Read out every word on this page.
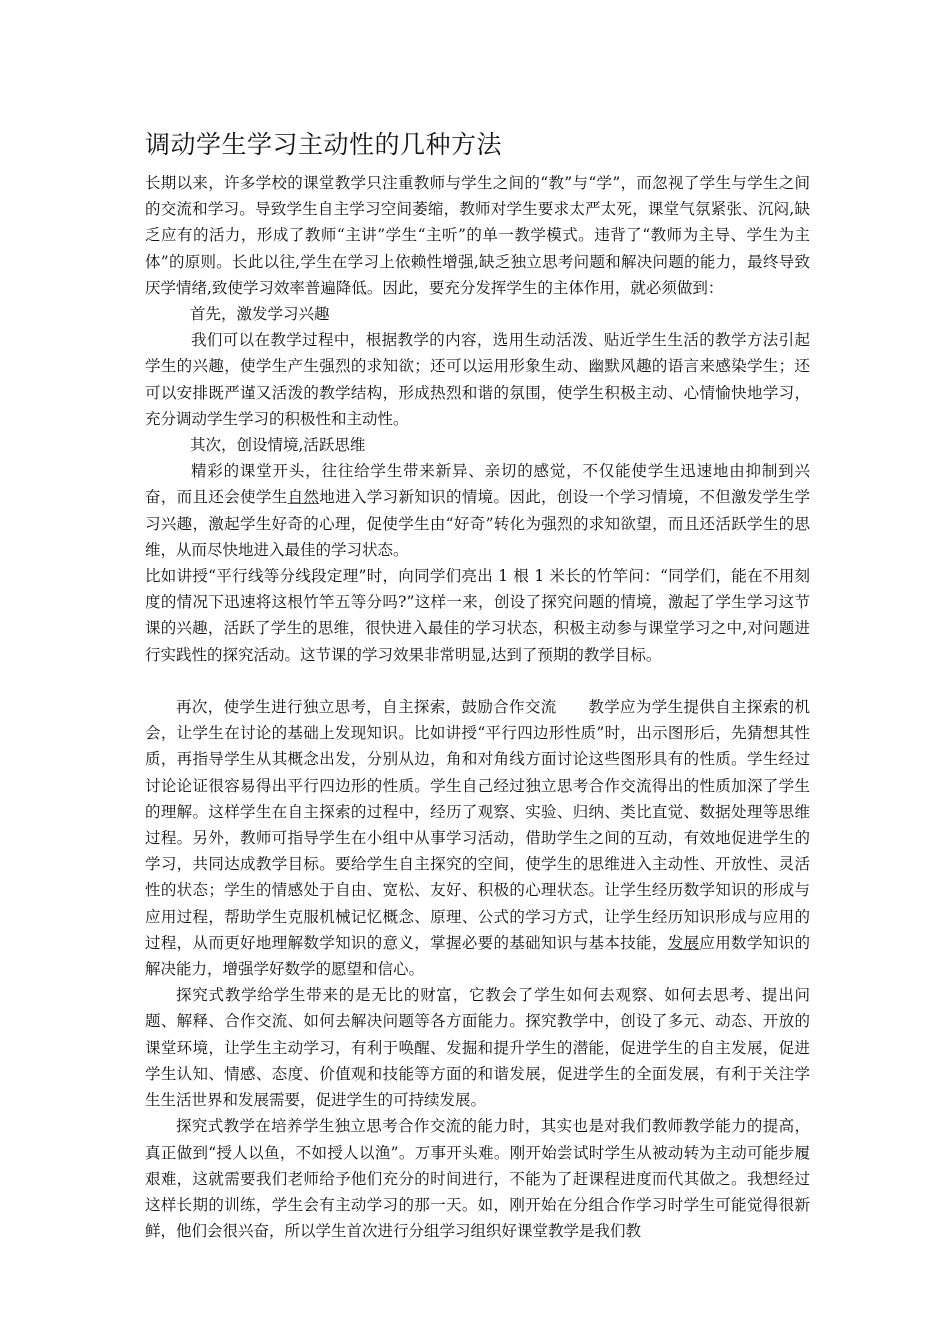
调动学生学习主动性的几种方法

长期以来，许多学校的课堂教学只注重教师与学生之间的“教”与“学”，而忽视了学生与学生之间的交流和学习。导致学生自主学习空间萎缩，教师对学生要求太严太死，课堂气氛紧张、沉闷,缺乏应有的活力，形成了教师“主讲”学生“主听”的单一教学模式。违背了“教师为主导、学生为主体”的原则。长此以往,学生在学习上依赖性增强,缺乏独立思考问题和解决问题的能力，最终导致厌学情绪,致使学习效率普遍降低。因此，要充分发挥学生的主体作用，就必须做到：

首先，激发学习兴趣

我们可以在教学过程中，根据教学的内容，选用生动活泼、贴近学生生活的教学方法引起学生的兴趣，使学生产生强烈的求知欲；还可以运用形象生动、幽默风趣的语言来感染学生；还可以安排既严谨又活泼的教学结构，形成热烈和谐的氛围，使学生积极主动、心情愉快地学习，充分调动学生学习的积极性和主动性。

其次，创设情境,活跃思维

精彩的课堂开头，往往给学生带来新异、亲切的感觉，不仅能使学生迅速地由抑制到兴奋，而且还会使学生自然地进入学习新知识的情境。因此，创设一个学习情境，不但激发学生学习兴趣，激起学生好奇的心理，促使学生由“好奇”转化为强烈的求知欲望，而且还活跃学生的思维，从而尽快地进入最佳的学习状态。

比如讲授“平行线等分线段定理”时，向同学们亮出 1 根 1 米长的竹竿问：“同学们，能在不用刻度的情况下迅速将这根竹竿五等分吗?”这样一来，创设了探究问题的情境，激起了学生学习这节课的兴趣，活跃了学生的思维，很快进入最佳的学习状态，积极主动参与课堂学习之中,对问题进行实践性的探究活动。这节课的学习效果非常明显,达到了预期的教学目标。

再次，使学生进行独立思考，自主探索，鼓励合作交流　　教学应为学生提供自主探索的机会，让学生在讨论的基础上发现知识。比如讲授“平行四边形性质”时，出示图形后，先猜想其性质，再指导学生从其概念出发，分别从边，角和对角线方面讨论这些图形具有的性质。学生经过讨论论证很容易得出平行四边形的性质。学生自己经过独立思考合作交流得出的性质加深了学生的理解。这样学生在自主探索的过程中，经历了观察、实验、归纳、类比直觉、数据处理等思维过程。另外，教师可指导学生在小组中从事学习活动，借助学生之间的互动，有效地促进学生的学习，共同达成教学目标。要给学生自主探究的空间，使学生的思维进入主动性、开放性、灵活性的状态；学生的情感处于自由、宽松、友好、积极的心理状态。让学生经历数学知识的形成与应用过程，帮助学生克服机械记忆概念、原理、公式的学习方式，让学生经历知识形成与应用的过程，从而更好地理解数学知识的意义，掌握必要的基础知识与基本技能，发展应用数学知识的解决能力，增强学好数学的愿望和信心。

探究式教学给学生带来的是无比的财富，它教会了学生如何去观察、如何去思考、提出问题、解释、合作交流、如何去解决问题等各方面能力。探究教学中，创设了多元、动态、开放的课堂环境，让学生主动学习，有利于唤醒、发掘和提升学生的潜能，促进学生的自主发展，促进学生认知、情感、态度、价值观和技能等方面的和谐发展，促进学生的全面发展，有利于关注学生生活世界和发展需要，促进学生的可持续发展。

探究式教学在培养学生独立思考合作交流的能力时，其实也是对我们教师教学能力的提高，真正做到“授人以鱼，不如授人以渔”。万事开头难。刚开始尝试时学生从被动转为主动可能步履艰难，这就需要我们老师给予他们充分的时间进行，不能为了赶课程进度而代其做之。我想经过这样长期的训练，学生会有主动学习的那一天。如，刚开始在分组合作学习时学生可能觉得很新鲜，他们会很兴奋，所以学生首次进行分组学习组织好课堂教学是我们教
